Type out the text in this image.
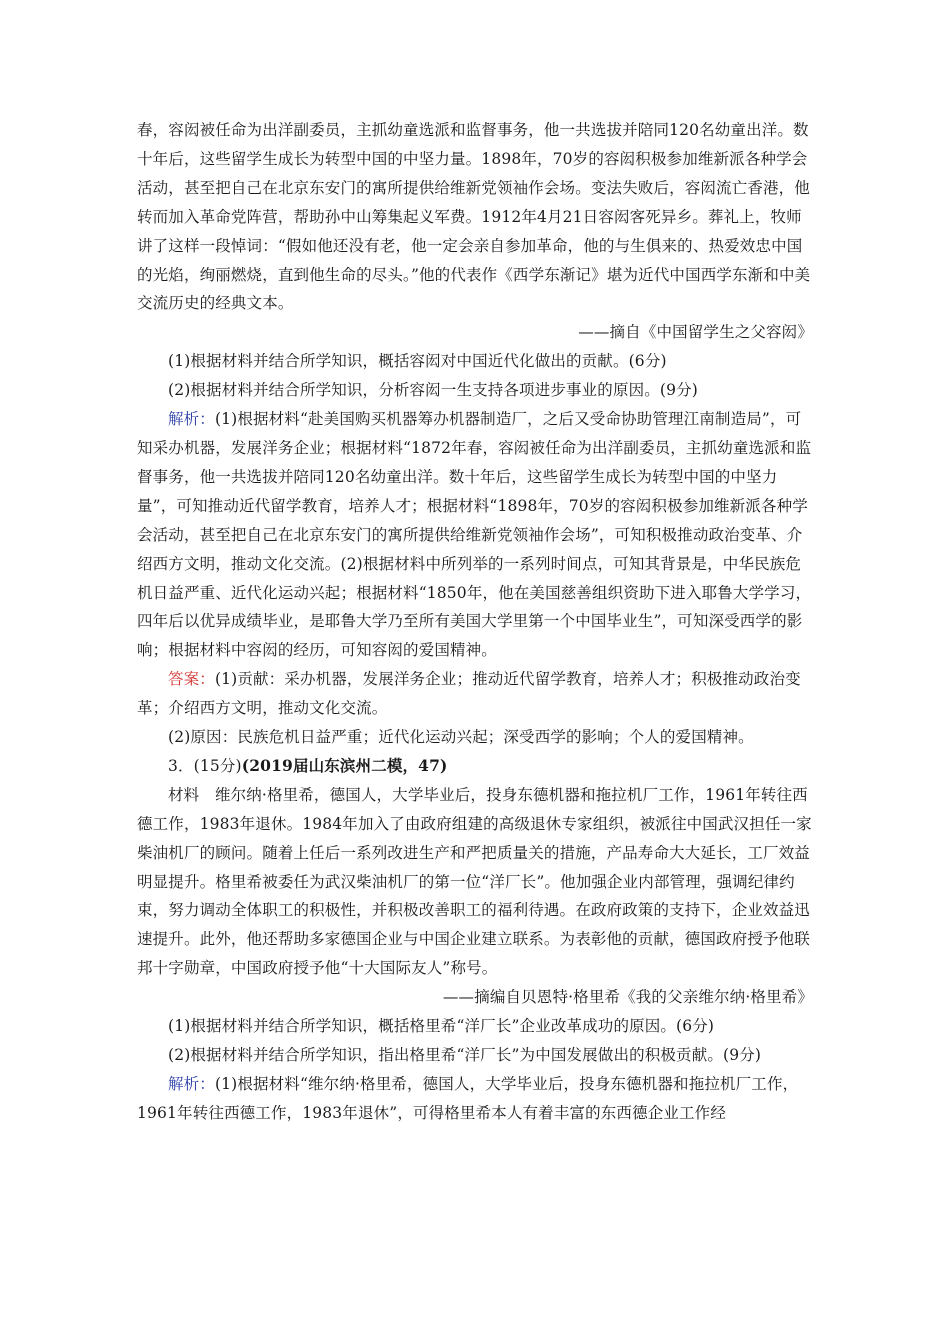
春，容闳被任命为出洋副委员，主抓幼童选派和监督事务，他一共选拔并陪同120名幼童出洋。数十年后，这些留学生成长为转型中国的中坚力量。1898年，70岁的容闳积极参加维新派各种学会活动，甚至把自己在北京东安门的寓所提供给维新党领袖作会场。变法失败后，容闳流亡香港，他转而加入革命党阵营，帮助孙中山筹集起义军费。1912年4月21日容闳客死异乡。葬礼上，牧师讲了这样一段悼词：“假如他还没有老，他一定会亲自参加革命，他的与生俱来的、热爱效忠中国的光焰，绚丽燃烧，直到他生命的尽头。”他的代表作《西学东渐记》堪为近代中国西学东渐和中美交流历史的经典文本。

——摘自《中国留学生之父容闳》

(1)根据材料并结合所学知识，概括容闳对中国近代化做出的贡献。(6分)

(2)根据材料并结合所学知识，分析容闳一生支持各项进步事业的原因。(9分)

解析：(1)根据材料“赴美国购买机器筹办机器制造厂，之后又受命协助管理江南制造局”，可知采办机器，发展洋务企业；根据材料“1872年春，容闳被任命为出洋副委员，主抓幼童选派和监督事务，他一共选拔并陪同120名幼童出洋。数十年后，这些留学生成长为转型中国的中坚力量”，可知推动近代留学教育，培养人才；根据材料“1898年，70岁的容闳积极参加维新派各种学会活动，甚至把自己在北京东安门的寓所提供给维新党领袖作会场”，可知积极推动政治变革、介绍西方文明，推动文化交流。(2)根据材料中所列举的一系列时间点，可知其背景是，中华民族危机日益严重、近代化运动兴起；根据材料“1850年，他在美国慈善组织资助下进入耶鲁大学学习，四年后以优异成绩毕业，是耶鲁大学乃至所有美国大学里第一个中国毕业生”，可知深受西学的影响；根据材料中容闳的经历，可知容闳的爱国精神。

答案：(1)贡献：采办机器，发展洋务企业；推动近代留学教育，培养人才；积极推动政治变革；介绍西方文明，推动文化交流。

(2)原因：民族危机日益严重；近代化运动兴起；深受西学的影响；个人的爱国精神。

3．(15分)(2019届山东滨州二模，47)

材料　维尔纳·格里希，德国人，大学毕业后，投身东德机器和拖拉机厂工作，1961年转往西德工作，1983年退休。1984年加入了由政府组建的高级退休专家组织，被派往中国武汉担任一家柴油机厂的顾问。随着上任后一系列改进生产和严把质量关的措施，产品寿命大大延长，工厂效益明显提升。格里希被委任为武汉柴油机厂的第一位“洋厂长”。他加强企业内部管理，强调纪律约束，努力调动全体职工的积极性，并积极改善职工的福利待遇。在政府政策的支持下，企业效益迅速提升。此外，他还帮助多家德国企业与中国企业建立联系。为表彰他的贡献，德国政府授予他联邦十字勋章，中国政府授予他“十大国际友人”称号。

——摘编自贝恩特·格里希《我的父亲维尔纳·格里希》

(1)根据材料并结合所学知识，概括格里希“洋厂长”企业改革成功的原因。(6分)

(2)根据材料并结合所学知识，指出格里希“洋厂长”为中国发展做出的积极贡献。(9分)

解析：(1)根据材料“维尔纳·格里希，德国人，大学毕业后，投身东德机器和拖拉机厂工作，1961年转往西德工作，1983年退休”，可得格里希本人有着丰富的东西德企业工作经
